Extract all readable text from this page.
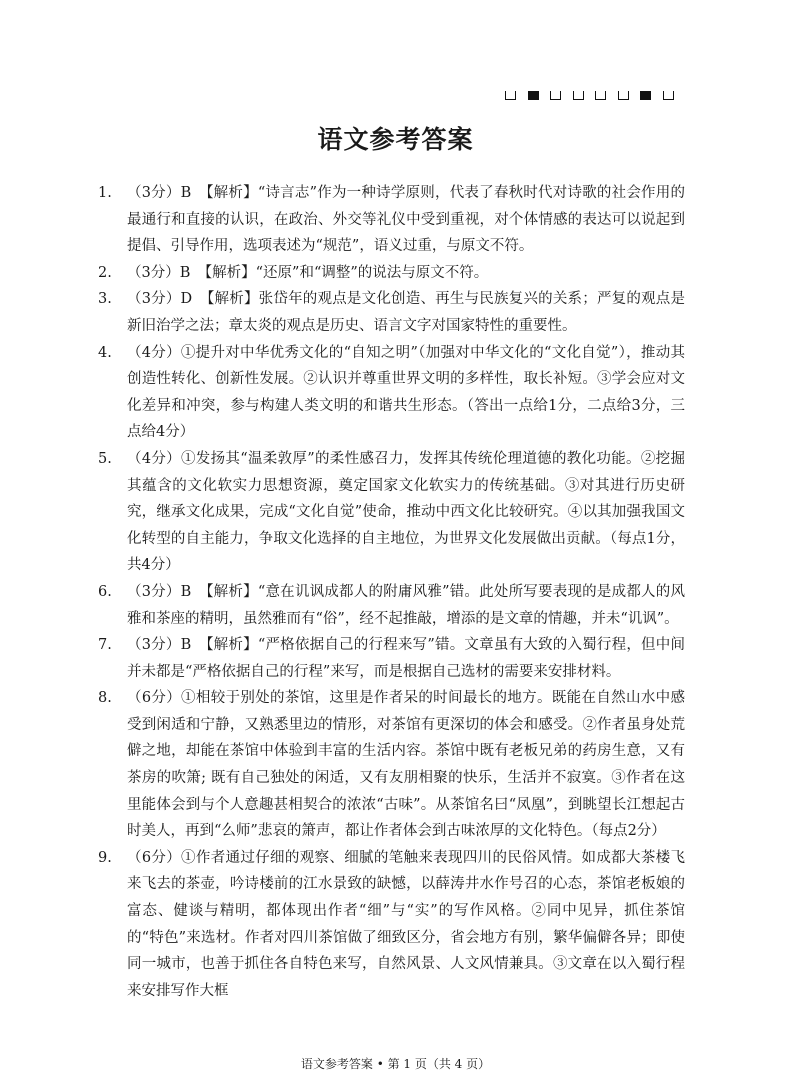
语文参考答案
1.	（3分）B　【解析】“诗言志”作为一种诗学原则，代表了春秋时代对诗歌的社会作用的最通行和直接的认识，在政治、外交等礼仪中受到重视，对个体情感的表达可以说起到提倡、引导作用，选项表述为“规范”，语义过重，与原文不符。

2.	（3分）B　【解析】“还原”和“调整”的说法与原文不符。

3.	（3分）D　【解析】张岱年的观点是文化创造、再生与民族复兴的关系；严复的观点是新旧治学之法；章太炎的观点是历史、语言文字对国家特性的重要性。

4.	（4分）①提升对中华优秀文化的“自知之明”（加强对中华文化的“文化自觉”），推动其创造性转化、创新性发展。②认识并尊重世界文明的多样性，取长补短。③学会应对文化差异和冲突，参与构建人类文明的和谐共生形态。（答出一点给1分，二点给3分，三点给4分）

5.	（4分）①发扬其“温柔敦厚”的柔性感召力，发挥其传统伦理道德的教化功能。②挖掘其蕴含的文化软实力思想资源，奠定国家文化软实力的传统基础。③对其进行历史研究，继承文化成果，完成“文化自觉”使命，推动中西文化比较研究。④以其加强我国文化转型的自主能力，争取文化选择的自主地位，为世界文化发展做出贡献。（每点1分，共4分）

6.	（3分）B　【解析】“意在讥讽成都人的附庸风雅”错。此处所写要表现的是成都人的风雅和茶座的精明，虽然雅而有“俗”，经不起推敲，增添的是文章的情趣，并未“讥讽”。

7.	（3分）B　【解析】“严格依据自己的行程来写”错。文章虽有大致的入蜀行程，但中间并未都是“严格依据自己的行程”来写，而是根据自己选材的需要来安排材料。

8.	（6分）①相较于别处的茶馆，这里是作者呆的时间最长的地方。既能在自然山水中感受到闲适和宁静，又熟悉里边的情形，对茶馆有更深切的体会和感受。②作者虽身处荒僻之地，却能在茶馆中体验到丰富的生活内容。茶馆中既有老板兄弟的药房生意，又有茶房的吹箫; 既有自己独处的闲适，又有友朋相聚的快乐，生活并不寂寞。③作者在这里能体会到与个人意趣甚相契合的浓浓“古味”。从茶馆名曰“凤凰”，到眺望长江想起古时美人，再到“么师”悲哀的箫声，都让作者体会到古味浓厚的文化特色。（每点2分）

9.	（6分）①作者通过仔细的观察、细腻的笔触来表现四川的民俗风情。如成都大茶楼飞来飞去的茶壶，吟诗楼前的江水景致的缺憾，以薛涛井水作号召的心态，茶馆老板娘的富态、健谈与精明，都体现出作者“细”与“实”的写作风格。②同中见异，抓住茶馆的“特色”来选材。作者对四川茶馆做了细致区分，省会地方有别，繁华偏僻各异；即使同一城市，也善于抓住各自特色来写，自然风景、人文风情兼具。③文章在以入蜀行程来安排写作大框

语文参考答案 • 第 1 页（共 4 页）
